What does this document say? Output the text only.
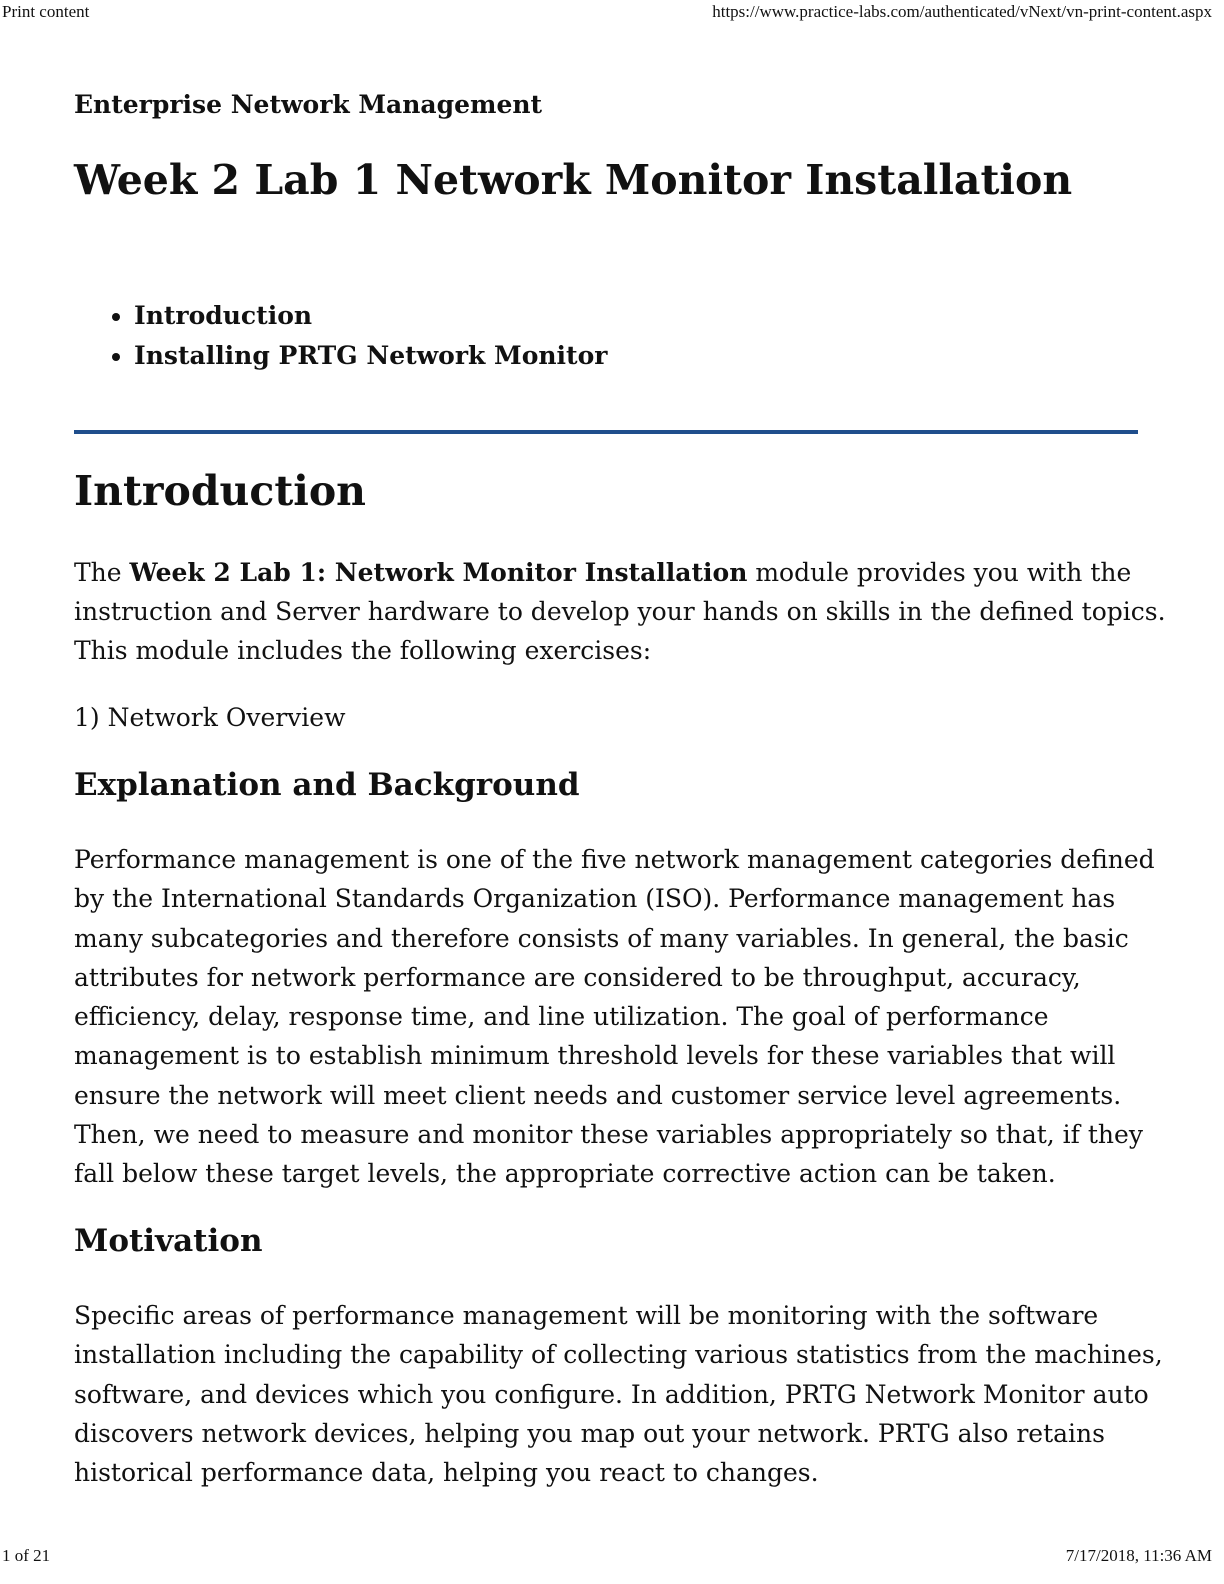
Print content	https://www.practice-labs.com/authenticated/vNext/vn-print-content.aspx
Enterprise Network Management
Week 2 Lab 1 Network Monitor Installation
• Introduction
• Installing PRTG Network Monitor
Introduction

The Week 2 Lab 1: Network Monitor Installation module provides you with the
instruction and Server hardware to develop your hands on skills in the defined topics.
This module includes the following exercises:

1) Network Overview

Explanation and Background

Performance management is one of the five network management categories defined
by the International Standards Organization (ISO). Performance management has
many subcategories and therefore consists of many variables. In general, the basic
attributes for network performance are considered to be throughput, accuracy,
efficiency, delay, response time, and line utilization. The goal of performance
management is to establish minimum threshold levels for these variables that will
ensure the network will meet client needs and customer service level agreements.
Then, we need to measure and monitor these variables appropriately so that, if they
fall below these target levels, the appropriate corrective action can be taken.

Motivation

Specific areas of performance management will be monitoring with the software
installation including the capability of collecting various statistics from the machines,
software, and devices which you configure. In addition, PRTG Network Monitor auto
discovers network devices, helping you map out your network. PRTG also retains
historical performance data, helping you react to changes.

1 of 21	7/17/2018, 11:36 AM
